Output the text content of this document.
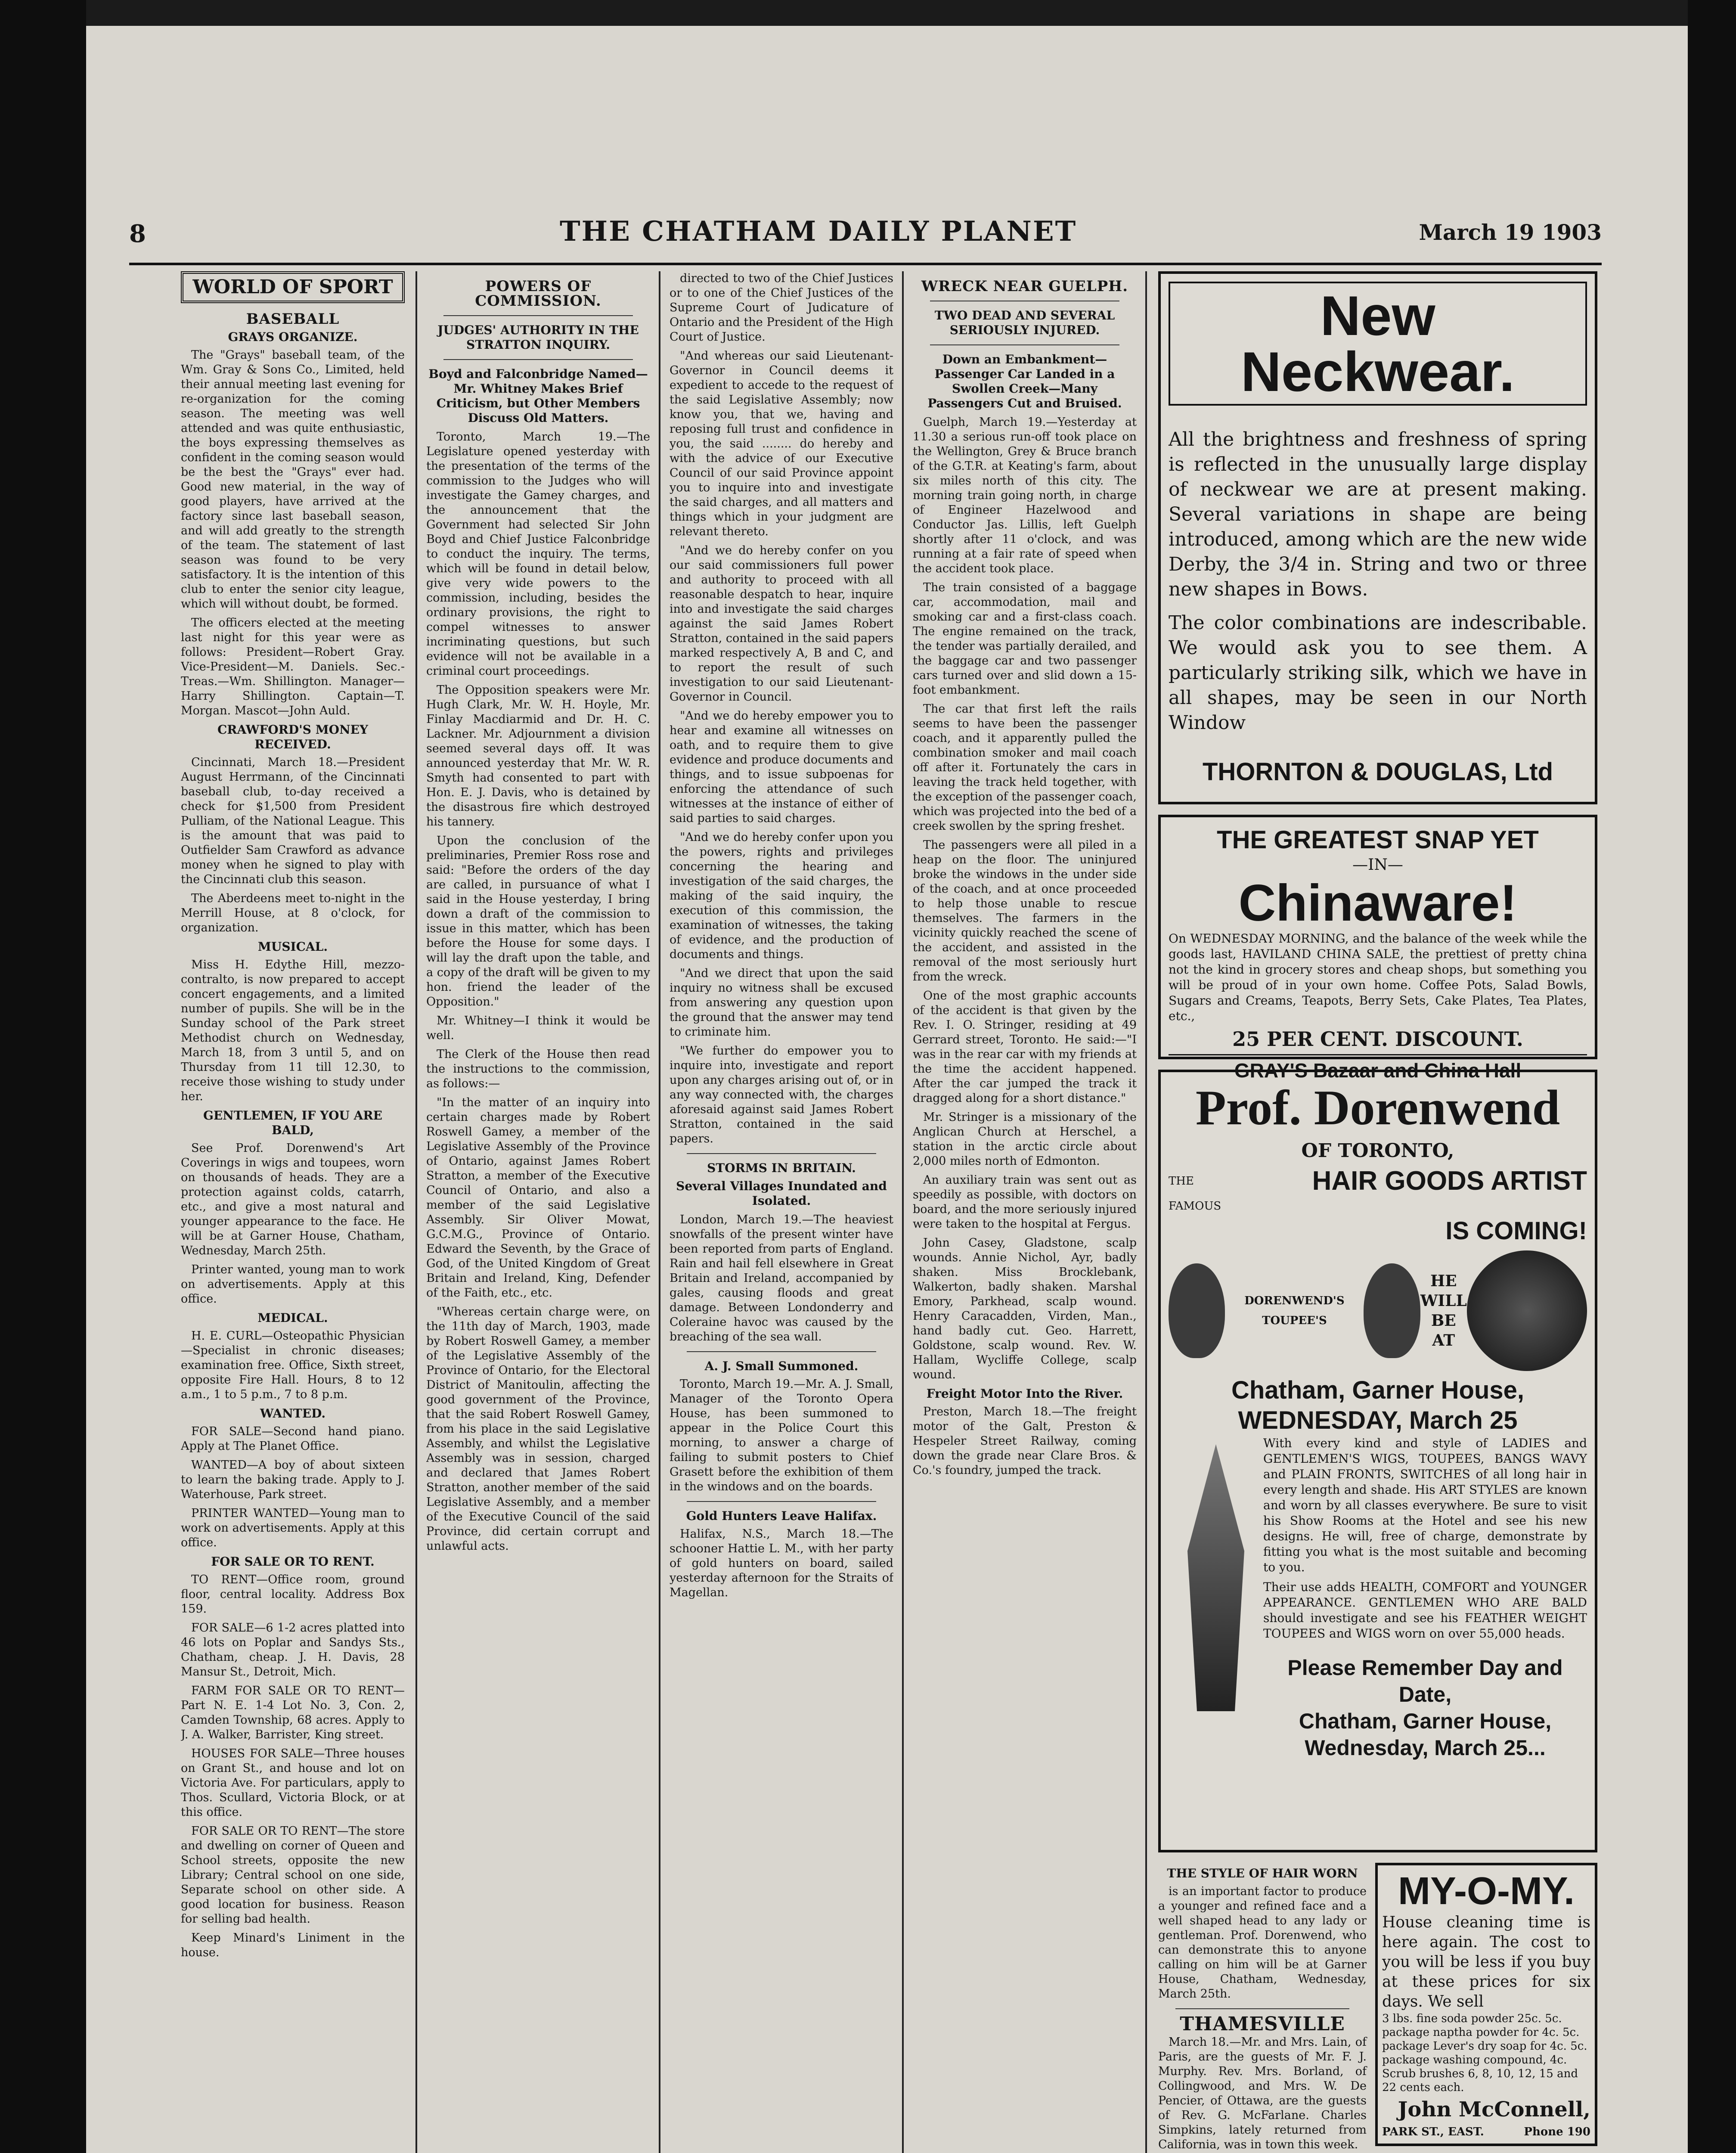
8	THE CHATHAM DAILY PLANET	March 19 1903
WORLD OF SPORT
BASEBALL
GRAYS ORGANIZE.

The "Grays" baseball team, of the Wm. Gray & Sons Co., Limited, held their annual meeting last evening for re-organization for the coming season. The meeting was well attended and was quite enthusiastic, the boys expressing themselves as confident in the coming season would be the best the "Grays" ever had. Good new material, in the way of good players, have arrived at the factory since last baseball season, and will add greatly to the strength of the team. The statement of last season was found to be very satisfactory. It is the intention of this club to enter the senior city league, which will without doubt, be formed.

The officers elected at the meeting last night for this year were as follows: President—Robert Gray. Vice-President—M. Daniels. Sec.-Treas.—Wm. Shillington. Manager—Harry Shillington. Captain—T. Morgan. Mascot—John Auld.

CRAWFORD'S MONEY RECEIVED.

Cincinnati, March 18.—President August Herrmann, of the Cincinnati baseball club, to-day received a check for $1,500 from President Pulliam, of the National League. This is the amount that was paid to Outfielder Sam Crawford as advance money when he signed to play with the Cincinnati club this season.

The Aberdeens meet to-night in the Merrill House, at 8 o'clock, for organization.

MUSICAL.

Miss H. Edythe Hill, mezzo-contralto, is now prepared to accept concert engagements, and a limited number of pupils. She will be in the Sunday school of the Park street Methodist church on Wednesday, March 18, from 3 until 5, and on Thursday from 11 till 12.30, to receive those wishing to study under her.

GENTLEMEN, IF YOU ARE BALD,

See Prof. Dorenwend's Art Coverings in wigs and toupees, worn on thousands of heads. They are a protection against colds, catarrh, etc., and give a most natural and younger appearance to the face. He will be at Garner House, Chatham, Wednesday, March 25th.

Printer wanted, young man to work on advertisements. Apply at this office.

MEDICAL.

H. E. CURL—Osteopathic Physician—Specialist in chronic diseases; examination free. Office, Sixth street, opposite Fire Hall. Hours, 8 to 12 a.m., 1 to 5 p.m., 7 to 8 p.m.

WANTED.

FOR SALE—Second hand piano. Apply at The Planet Office.

WANTED—A boy of about sixteen to learn the baking trade. Apply to J. Waterhouse, Park street.

PRINTER WANTED—Young man to work on advertisements. Apply at this office.

FOR SALE OR TO RENT.

TO RENT—Office room, ground floor, central locality. Address Box 159.

FOR SALE—6 1-2 acres platted into 46 lots on Poplar and Sandys Sts., Chatham, cheap. J. H. Davis, 28 Mansur St., Detroit, Mich.

FARM FOR SALE OR TO RENT—Part N. E. 1-4 Lot No. 3, Con. 2, Camden Township, 68 acres. Apply to J. A. Walker, Barrister, King street.

HOUSES FOR SALE—Three houses on Grant St., and house and lot on Victoria Ave. For particulars, apply to Thos. Scullard, Victoria Block, or at this office.

FOR SALE OR TO RENT—The store and dwelling on corner of Queen and School streets, opposite the new Library; Central school on one side, Separate school on other side. A good location for business. Reason for selling bad health.

Keep Minard's Liniment in the house.

POWERS OF COMMISSION.
JUDGES' AUTHORITY IN THE STRATTON INQUIRY.
Boyd and Falconbridge Named—Mr. Whitney Makes Brief Criticism, but Other Members Discuss Old Matters.

Toronto, March 19.—The Legislature opened yesterday with the presentation of the terms of the commission to the Judges who will investigate the Gamey charges, and the announcement that the Government had selected Sir John Boyd and Chief Justice Falconbridge to conduct the inquiry. The terms, which will be found in detail below, give very wide powers to the commission, including, besides the ordinary provisions, the right to compel witnesses to answer incriminating questions, but such evidence will not be available in a criminal court proceedings.

The Opposition speakers were Mr. Hugh Clark, Mr. W. H. Hoyle, Mr. Finlay Macdiarmid and Dr. H. C. Lackner. Mr. Adjournment a division seemed several days off. It was announced yesterday that Mr. W. R. Smyth had consented to part with Hon. E. J. Davis, who is detained by the disastrous fire which destroyed his tannery.

Upon the conclusion of the preliminaries, Premier Ross rose and said: "Before the orders of the day are called, in pursuance of what I said in the House yesterday, I bring down a draft of the commission to issue in this matter, which has been before the House for some days. I will lay the draft upon the table, and a copy of the draft will be given to my hon. friend the leader of the Opposition."

Mr. Whitney—I think it would be well.

The Clerk of the House then read the instructions to the commission, as follows:—

"In the matter of an inquiry into certain charges made by Robert Roswell Gamey, a member of the Legislative Assembly of the Province of Ontario, against James Robert Stratton, a member of the Executive Council of Ontario, and also a member of the said Legislative Assembly. Sir Oliver Mowat, G.C.M.G., Province of Ontario. Edward the Seventh, by the Grace of God, of the United Kingdom of Great Britain and Ireland, King, Defender of the Faith, etc., etc.

"Whereas certain charge were, on the 11th day of March, 1903, made by Robert Roswell Gamey, a member of the Legislative Assembly of the Province of Ontario, for the Electoral District of Manitoulin, affecting the good government of the Province, that the said Robert Roswell Gamey, from his place in the said Legislative Assembly, and whilst the Legislative Assembly was in session, charged and declared that James Robert Stratton, another member of the said Legislative Assembly, and a member of the Executive Council of the said Province, did certain corrupt and unlawful acts.

directed to two of the Chief Justices or to one of the Chief Justices of the Supreme Court of Judicature of Ontario and the President of the High Court of Justice.

"And whereas our said Lieutenant-Governor in Council deems it expedient to accede to the request of the said Legislative Assembly; now know you, that we, having and reposing full trust and confidence in you, the said ........ do hereby and with the advice of our Executive Council of our said Province appoint you to inquire into and investigate the said charges, and all matters and things which in your judgment are relevant thereto.

"And we do hereby confer on you our said commissioners full power and authority to proceed with all reasonable despatch to hear, inquire into and investigate the said charges against the said James Robert Stratton, contained in the said papers marked respectively A, B and C, and to report the result of such investigation to our said Lieutenant-Governor in Council.

"And we do hereby empower you to hear and examine all witnesses on oath, and to require them to give evidence and produce documents and things, and to issue subpoenas for enforcing the attendance of such witnesses at the instance of either of said parties to said charges.

"And we do hereby confer upon you the powers, rights and privileges concerning the hearing and investigation of the said charges, the making of the said inquiry, the execution of this commission, the examination of witnesses, the taking of evidence, and the production of documents and things.

"And we direct that upon the said inquiry no witness shall be excused from answering any question upon the ground that the answer may tend to criminate him.

"We further do empower you to inquire into, investigate and report upon any charges arising out of, or in any way connected with, the charges aforesaid against said James Robert Stratton, contained in the said papers.

STORMS IN BRITAIN.
Several Villages Inundated and Isolated.

London, March 19.—The heaviest snowfalls of the present winter have been reported from parts of England. Rain and hail fell elsewhere in Great Britain and Ireland, accompanied by gales, causing floods and great damage. Between Londonderry and Coleraine havoc was caused by the breaching of the sea wall.

A. J. Small Summoned.

Toronto, March 19.—Mr. A. J. Small, Manager of the Toronto Opera House, has been summoned to appear in the Police Court this morning, to answer a charge of failing to submit posters to Chief Grasett before the exhibition of them in the windows and on the boards.

Gold Hunters Leave Halifax.

Halifax, N.S., March 18.—The schooner Hattie L. M., with her party of gold hunters on board, sailed yesterday afternoon for the Straits of Magellan.

WRECK NEAR GUELPH.
TWO DEAD AND SEVERAL SERIOUSLY INJURED.
Down an Embankment—Passenger Car Landed in a Swollen Creek—Many Passengers Cut and Bruised.

Guelph, March 19.—Yesterday at 11.30 a serious run-off took place on the Wellington, Grey & Bruce branch of the G.T.R. at Keating's farm, about six miles north of this city. The morning train going north, in charge of Engineer Hazelwood and Conductor Jas. Lillis, left Guelph shortly after 11 o'clock, and was running at a fair rate of speed when the accident took place.

The train consisted of a baggage car, accommodation, mail and smoking car and a first-class coach. The engine remained on the track, the tender was partially derailed, and the baggage car and two passenger cars turned over and slid down a 15-foot embankment.

The car that first left the rails seems to have been the passenger coach, and it apparently pulled the combination smoker and mail coach off after it. Fortunately the cars in leaving the track held together, with the exception of the passenger coach, which was projected into the bed of a creek swollen by the spring freshet.

The passengers were all piled in a heap on the floor. The uninjured broke the windows in the under side of the coach, and at once proceeded to help those unable to rescue themselves. The farmers in the vicinity quickly reached the scene of the accident, and assisted in the removal of the most seriously hurt from the wreck.

One of the most graphic accounts of the accident is that given by the Rev. I. O. Stringer, residing at 49 Gerrard street, Toronto. He said:—"I was in the rear car with my friends at the time the accident happened. After the car jumped the track it dragged along for a short distance."

Mr. Stringer is a missionary of the Anglican Church at Herschel, a station in the arctic circle about 2,000 miles north of Edmonton.

An auxiliary train was sent out as speedily as possible, with doctors on board, and the more seriously injured were taken to the hospital at Fergus.

John Casey, Gladstone, scalp wounds. Annie Nichol, Ayr, badly shaken. Miss Brocklebank, Walkerton, badly shaken. Marshal Emory, Parkhead, scalp wound. Henry Caracadden, Virden, Man., hand badly cut. Geo. Harrett, Goldstone, scalp wound. Rev. W. Hallam, Wycliffe College, scalp wound.

Freight Motor Into the River.

Preston, March 18.—The freight motor of the Galt, Preston & Hespeler Street Railway, coming down the grade near Clare Bros. & Co.'s foundry, jumped the track.

New Neckwear.
All the brightness and freshness of spring is reflected in the unusually large display of neckwear we are at present making. Several variations in shape are being introduced, among which are the new wide Derby, the 3/4 in. String and two or three new shapes in Bows.
The color combinations are indescribable. We would ask you to see them. A particularly striking silk, which we have in all shapes, may be seen in our North Window
THORNTON & DOUGLAS, Ltd
THE GREATEST SNAP YET
—IN—
Chinaware!
On WEDNESDAY MORNING, and the balance of the week while the goods last, HAVILAND CHINA SALE, the prettiest of pretty china not the kind in grocery stores and cheap shops, but something you will be proud of in your own home. Coffee Pots, Salad Bowls, Sugars and Creams, Teapots, Berry Sets, Cake Plates, Tea Plates, etc.,
25 PER CENT. DISCOUNT.
GRAY'S Bazaar and China Hall
Prof. Dorenwend
OF TORONTO,
THE	HAIR GOODS ARTIST
FAMOUS
IS COMING!
DORENWEND'S TOUPEE'S
HE WILL BE AT
Chatham, Garner House,
WEDNESDAY, March 25
With every kind and style of LADIES and GENTLEMEN'S WIGS, TOUPEES, BANGS WAVY and PLAIN FRONTS, SWITCHES of all long hair in every length and shade. His ART STYLES are known and worn by all classes everywhere. Be sure to visit his Show Rooms at the Hotel and see his new designs. He will, free of charge, demonstrate by fitting you what is the most suitable and becoming to you.
Their use adds HEALTH, COMFORT and YOUNGER APPEARANCE. GENTLEMEN WHO ARE BALD should investigate and see his FEATHER WEIGHT TOUPEES and WIGS worn on over 55,000 heads.
Please Remember Day and Date,
Chatham, Garner House,
Wednesday, March 25...
THE STYLE OF HAIR WORN

is an important factor to produce a younger and refined face and a well shaped head to any lady or gentleman. Prof. Dorenwend, who can demonstrate this to anyone calling on him will be at Garner House, Chatham, Wednesday, March 25th.

THAMESVILLE

March 18.—Mr. and Mrs. Lain, of Paris, are the guests of Mr. F. J. Murphy. Rev. Mrs. Borland, of Collingwood, and Mrs. W. De Pencier, of Ottawa, are the guests of Rev. G. McFarlane. Charles Simpkins, lately returned from California, was in town this week.

MY-O-MY.
House cleaning time is here again. The cost to you will be less if you buy at these prices for six days. We sell
3 lbs. fine soda powder 25c. 5c. package naptha powder for 4c. 5c. package Lever's dry soap for 4c. 5c. package washing compound, 4c. Scrub brushes 6, 8, 10, 12, 15 and 22 cents each.
John McConnell,
PARK ST., EAST.	Phone 190
